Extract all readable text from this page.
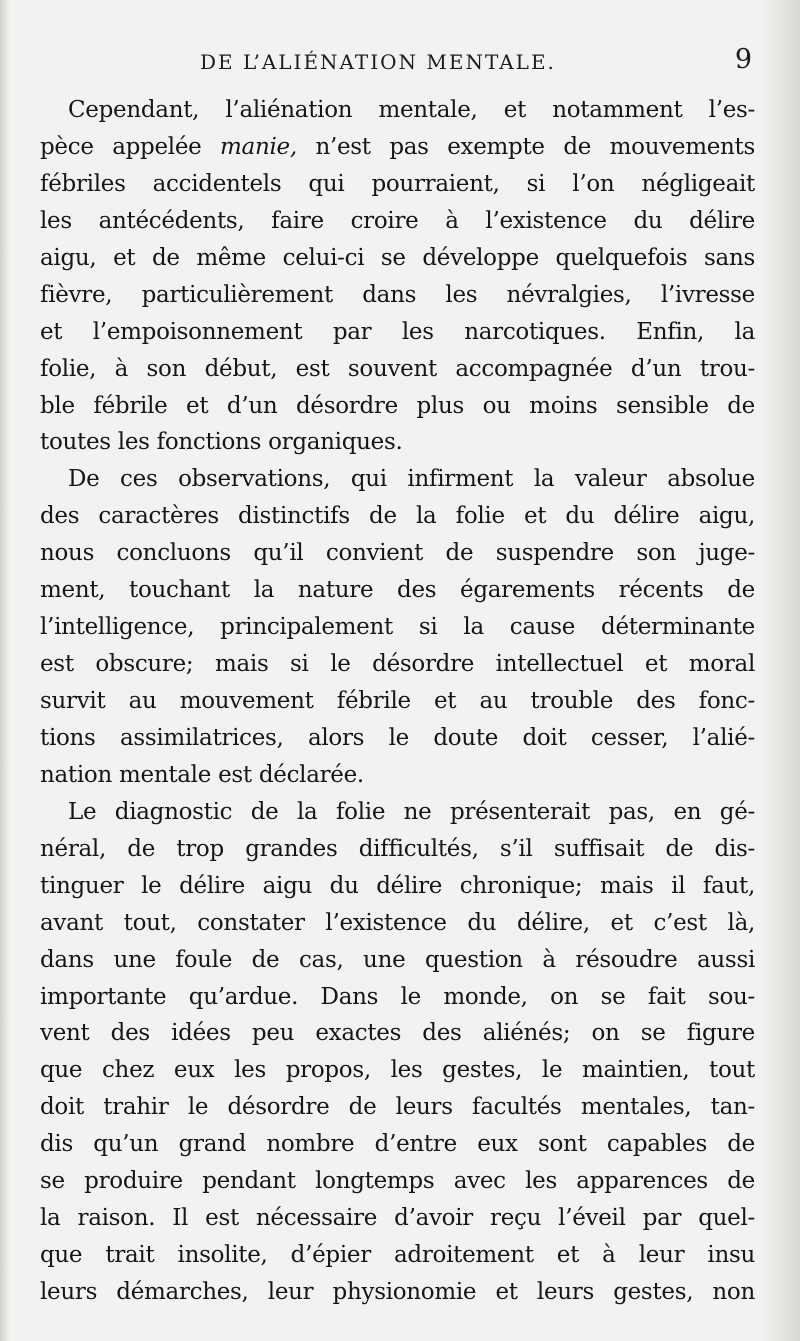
DE L’ALIÉNATION MENTALE.	9
Cependant, l’aliénation mentale, et notamment l’es-
pèce appelée manie, n’est pas exempte de mouvements
fébriles accidentels qui pourraient, si l’on négligeait
les antécédents, faire croire à l’existence du délire
aigu, et de même celui-ci se développe quelquefois sans
fièvre, particulièrement dans les névralgies, l’ivresse
et l’empoisonnement par les narcotiques. Enfin, la
folie, à son début, est souvent accompagnée d’un trou-
ble fébrile et d’un désordre plus ou moins sensible de
toutes les fonctions organiques.
De ces observations, qui infirment la valeur absolue
des caractères distinctifs de la folie et du délire aigu,
nous concluons qu’il convient de suspendre son juge-
ment, touchant la nature des égarements récents de
l’intelligence, principalement si la cause déterminante
est obscure; mais si le désordre intellectuel et moral
survit au mouvement fébrile et au trouble des fonc-
tions assimilatrices, alors le doute doit cesser, l’alié-
nation mentale est déclarée.
Le diagnostic de la folie ne présenterait pas, en gé-
néral, de trop grandes difficultés, s’il suffisait de dis-
tinguer le délire aigu du délire chronique; mais il faut,
avant tout, constater l’existence du délire, et c’est là,
dans une foule de cas, une question à résoudre aussi
importante qu’ardue. Dans le monde, on se fait sou-
vent des idées peu exactes des aliénés; on se figure
que chez eux les propos, les gestes, le maintien, tout
doit trahir le désordre de leurs facultés mentales, tan-
dis qu’un grand nombre d’entre eux sont capables de
se produire pendant longtemps avec les apparences de
la raison. Il est nécessaire d’avoir reçu l’éveil par quel-
que trait insolite, d’épier adroitement et à leur insu
leurs démarches, leur physionomie et leurs gestes, non
